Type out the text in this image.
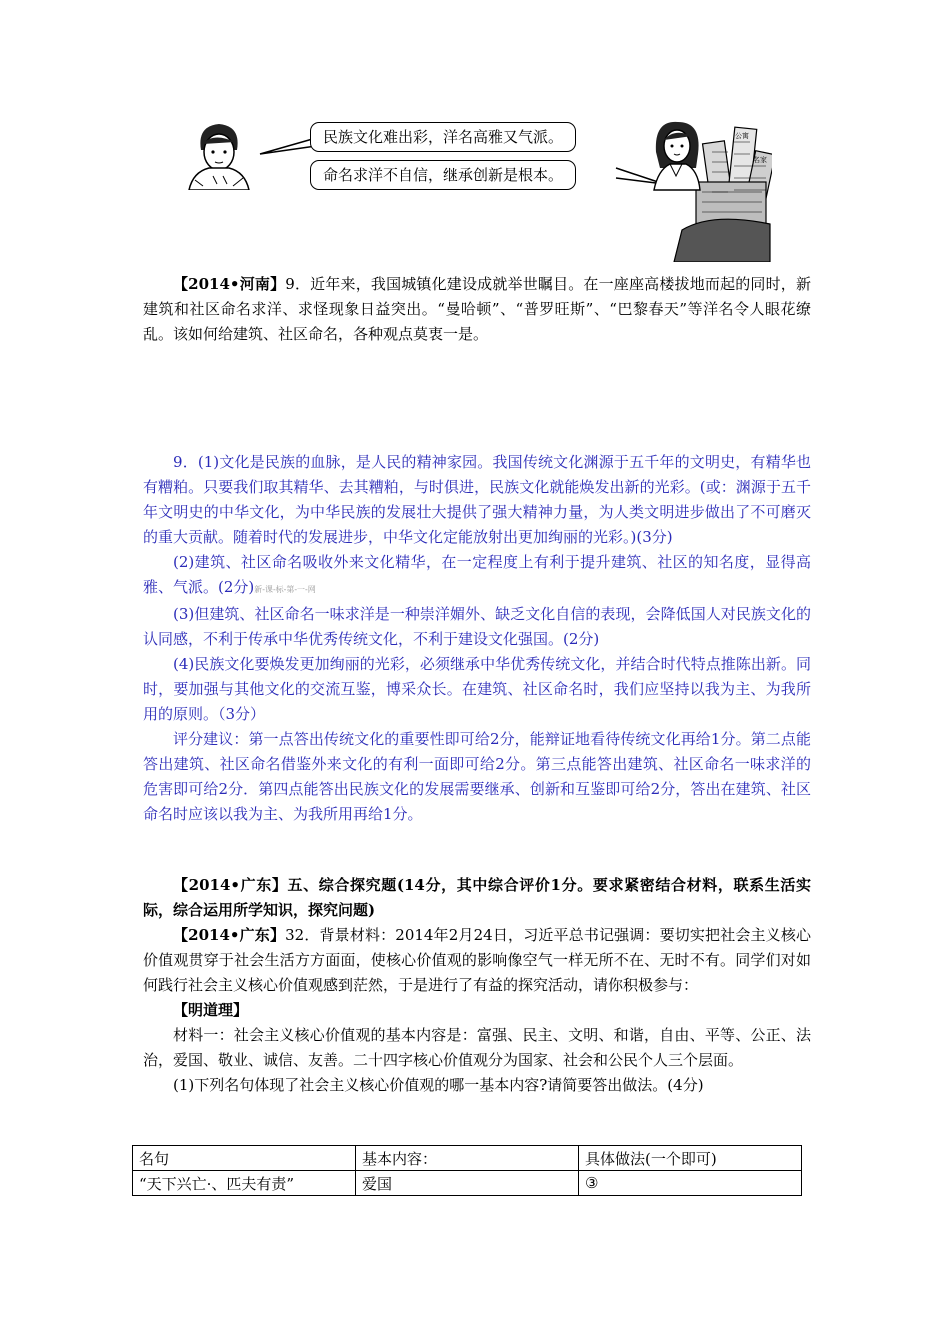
民族文化难出彩，洋名高雅又气派。
命名求洋不自信，继承创新是根本。
公寓
名家

【2014•河南】9．近年来，我国城镇化建设成就举世瞩目。在一座座高楼拔地而起的同时，新建筑和社区命名求洋、求怪现象日益突出。“曼哈顿”、“普罗旺斯”、“巴黎春天”等洋名令人眼花缭乱。该如何给建筑、社区命名，各种观点莫衷一是。

9．(1)文化是民族的血脉，是人民的精神家园。我国传统文化渊源于五千年的文明史，有精华也有糟粕。只要我们取其精华、去其糟粕，与时俱进，民族文化就能焕发出新的光彩。(或：渊源于五千年文明史的中华文化，为中华民族的发展壮大提供了强大精神力量，为人类文明进步做出了不可磨灭的重大贡献。随着时代的发展进步，中华文化定能放射出更加绚丽的光彩。)(3分)

(2)建筑、社区命名吸收外来文化精华，在一定程度上有利于提升建筑、社区的知名度，显得高雅、气派。(2分)新-课-标-第-一-网

(3)但建筑、社区命名一味求洋是一种崇洋媚外、缺乏文化自信的表现，会降低国人对民族文化的认同感，不利于传承中华优秀传统文化，不利于建设文化强国。(2分)

(4)民族文化要焕发更加绚丽的光彩，必须继承中华优秀传统文化，并结合时代特点推陈出新。同时，要加强与其他文化的交流互鉴，博采众长。在建筑、社区命名时，我们应坚持以我为主、为我所用的原则。（3分）

评分建议：第一点答出传统文化的重要性即可给2分，能辩证地看待传统文化再给1分。第二点能答出建筑、社区命名借鉴外来文化的有利一面即可给2分。第三点能答出建筑、社区命名一味求洋的危害即可给2分．第四点能答出民族文化的发展需要继承、创新和互鉴即可给2分，答出在建筑、社区命名时应该以我为主、为我所用再给1分。

【2014•广东】五、综合探究题(14分，其中综合评价1分。要求紧密结合材料，联系生活实际，综合运用所学知识，探究问题)

【2014•广东】32．背景材料：2014年2月24日，习近平总书记强调：要切实把社会主义核心价值观贯穿于社会生活方方面面，使核心价值观的影响像空气一样无所不在、无时不有。同学们对如何践行社会主义核心价值观感到茫然，于是进行了有益的探究活动，请你积极参与：

【明道理】

材料一：社会主义核心价值观的基本内容是：富强、民主、文明、和谐，自由、平等、公正、法治，爱国、敬业、诚信、友善。二十四字核心价值观分为国家、社会和公民个人三个层面。

(1)下列名句体现了社会主义核心价值观的哪一基本内容?请简要答出做法。(4分)

名句	基本内容：	具体做法(一个即可)
“天下兴亡·、匹夫有责”	爱国	③
